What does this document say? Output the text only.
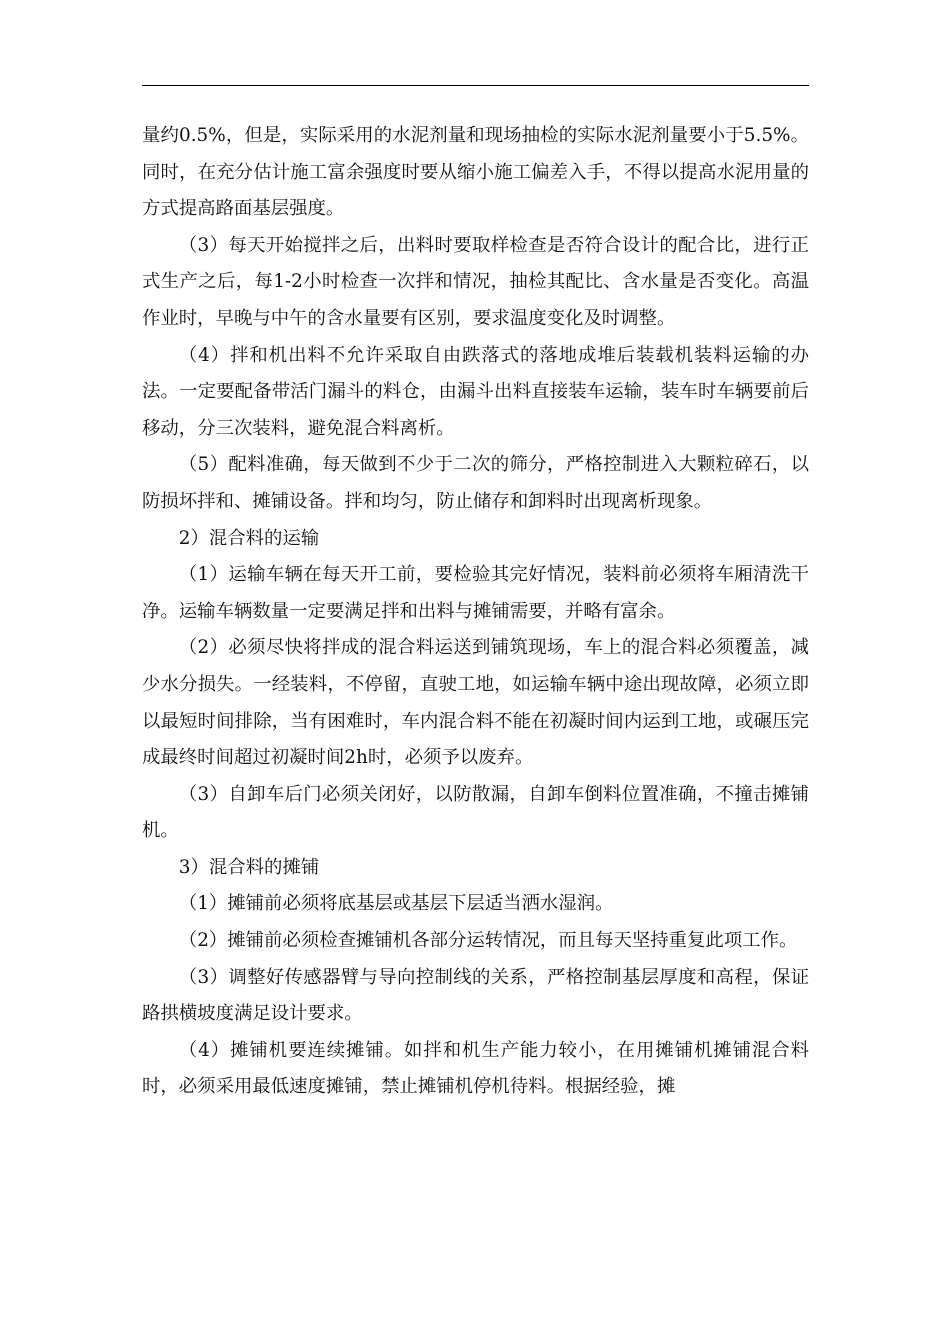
量约0.5%，但是，实际采用的水泥剂量和现场抽检的实际水泥剂量要小于5.5%。同时，在充分估计施工富余强度时要从缩小施工偏差入手，不得以提高水泥用量的方式提高路面基层强度。

（3）每天开始搅拌之后，出料时要取样检查是否符合设计的配合比，进行正式生产之后，每1-2小时检查一次拌和情况，抽检其配比、含水量是否变化。高温作业时，早晚与中午的含水量要有区别，要求温度变化及时调整。

（4）拌和机出料不允许采取自由跌落式的落地成堆后装载机装料运输的办法。一定要配备带活门漏斗的料仓，由漏斗出料直接装车运输，装车时车辆要前后移动，分三次装料，避免混合料离析。

（5）配料准确，每天做到不少于二次的筛分，严格控制进入大颗粒碎石，以防损坏拌和、摊铺设备。拌和均匀，防止储存和卸料时出现离析现象。

2）混合料的运输

（1）运输车辆在每天开工前，要检验其完好情况，装料前必须将车厢清洗干净。运输车辆数量一定要满足拌和出料与摊铺需要，并略有富余。

（2）必须尽快将拌成的混合料运送到铺筑现场，车上的混合料必须覆盖，减少水分损失。一经装料，不停留，直驶工地，如运输车辆中途出现故障，必须立即以最短时间排除，当有困难时，车内混合料不能在初凝时间内运到工地，或碾压完成最终时间超过初凝时间2h时，必须予以废弃。

（3）自卸车后门必须关闭好，以防散漏，自卸车倒料位置准确，不撞击摊铺机。

3）混合料的摊铺

（1）摊铺前必须将底基层或基层下层适当洒水湿润。

（2）摊铺前必须检查摊铺机各部分运转情况，而且每天坚持重复此项工作。

（3）调整好传感器臂与导向控制线的关系，严格控制基层厚度和高程，保证路拱横坡度满足设计要求。

（4）摊铺机要连续摊铺。如拌和机生产能力较小，在用摊铺机摊铺混合料时，必须采用最低速度摊铺，禁止摊铺机停机待料。根据经验，摊
